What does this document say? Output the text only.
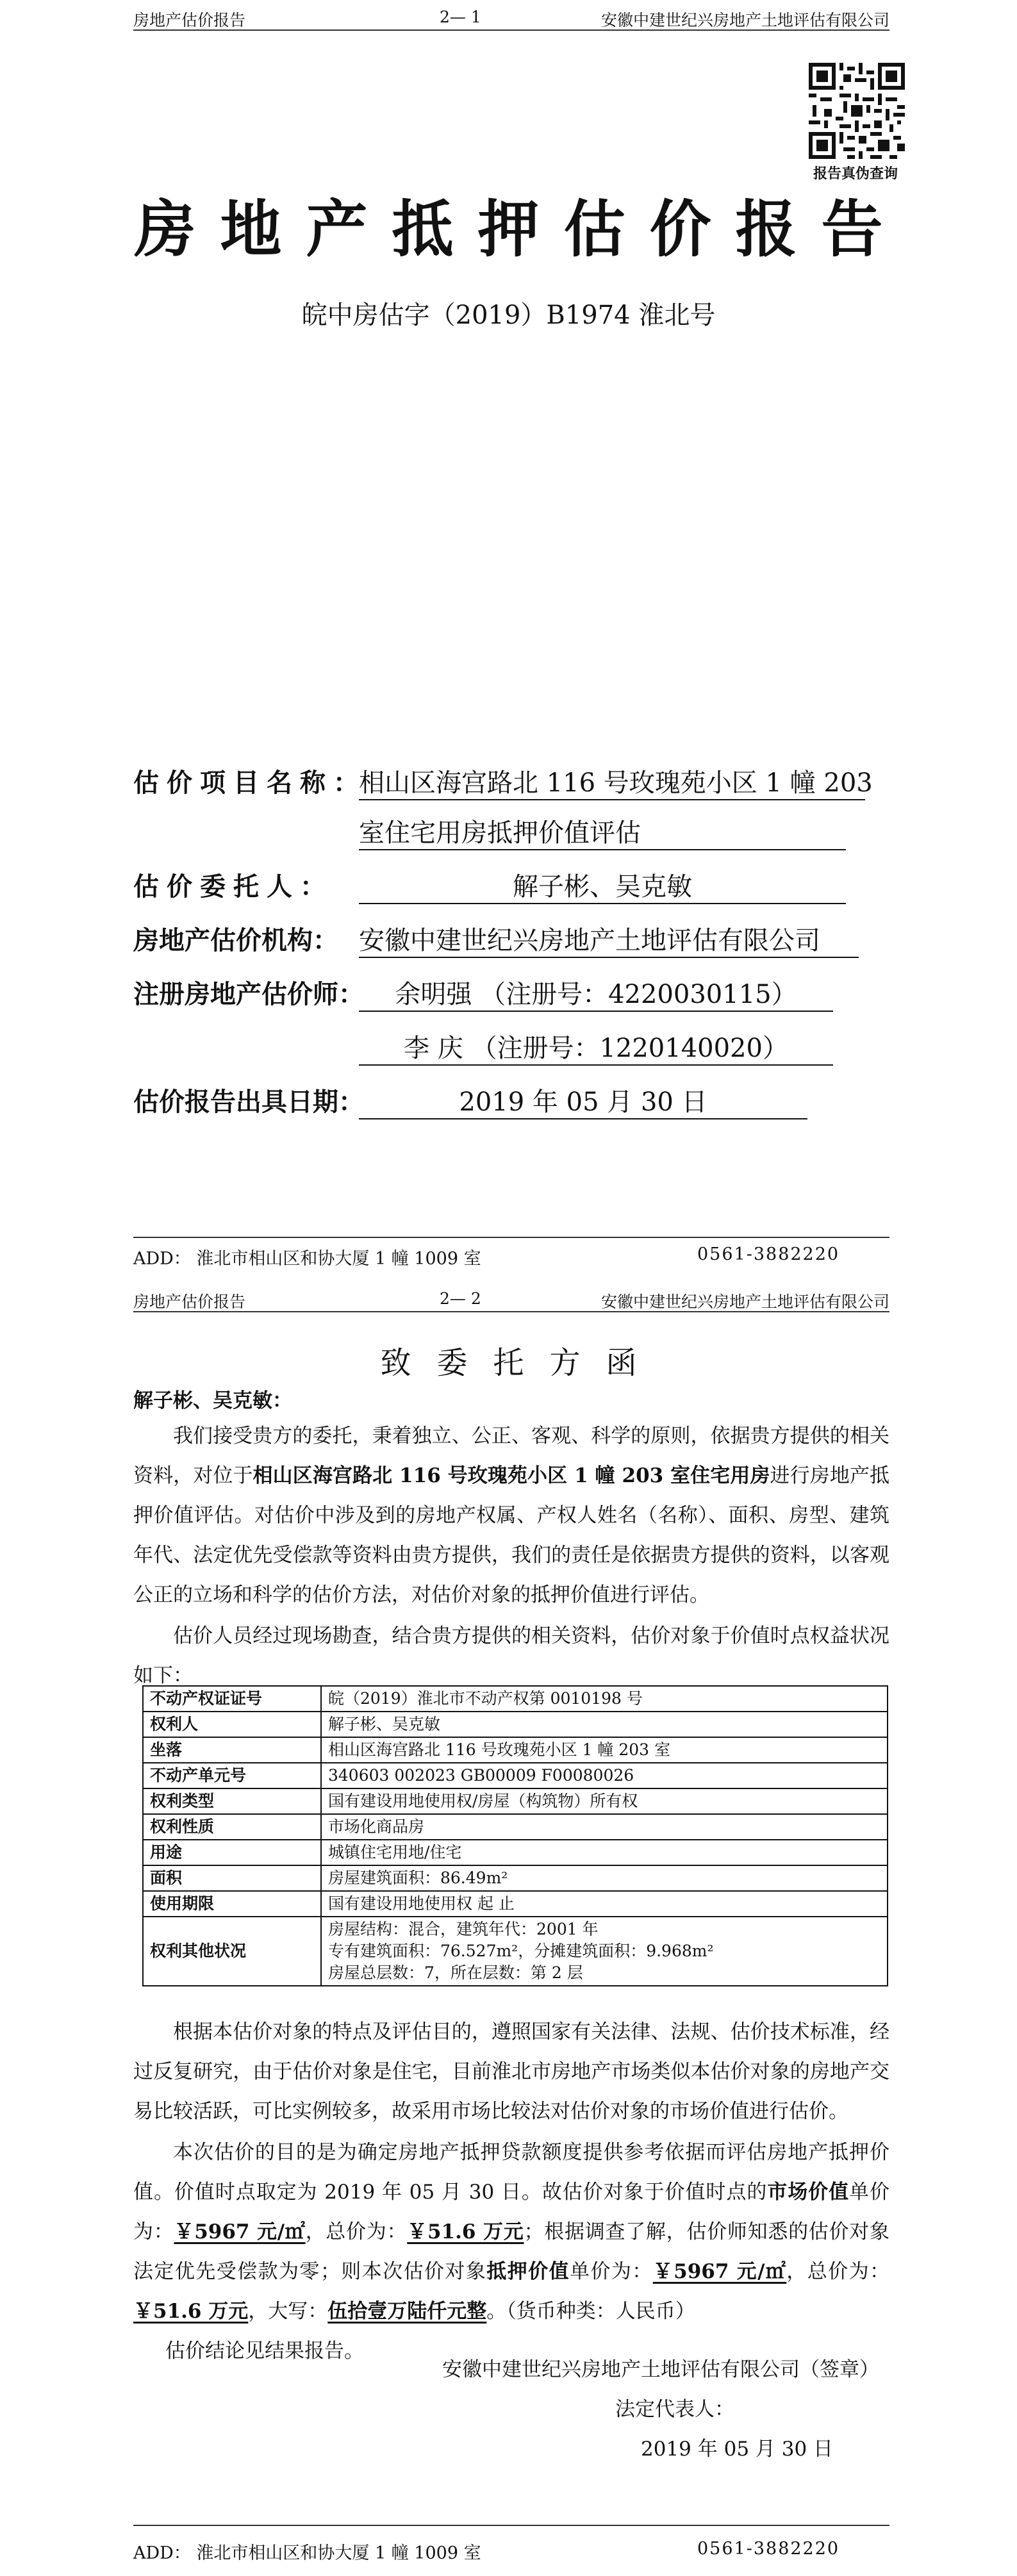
房地产估价报告	2— 1	安徽中建世纪兴房地产土地评估有限公司
报告真伪查询
房地产抵押估价报告
皖中房估字（2019）B1974 淮北号
估价项目名称：相山区海宫路北 116 号玫瑰苑小区 1 幢 203
室住宅用房抵押价值评估
估价委托人：	解子彬、吴克敏
房地产估价机构： 安徽中建世纪兴房地产土地评估有限公司
注册房地产估价师： 余明强 （注册号：4220030115）
李 庆 （注册号：1220140020）
估价报告出具日期：	2019 年 05 月 30 日
ADD： 淮北市相山区和协大厦 1 幢 1009 室	0561-3882220
房地产估价报告	2— 2	安徽中建世纪兴房地产土地评估有限公司
致委托方函
解子彬、吴克敏：

我们接受贵方的委托，秉着独立、公正、客观、科学的原则，依据贵方提供的相关资料，对位于相山区海宫路北 116 号玫瑰苑小区 1 幢 203 室住宅用房进行房地产抵押价值评估。对估价中涉及到的房地产权属、产权人姓名（名称）、面积、房型、建筑年代、法定优先受偿款等资料由贵方提供，我们的责任是依据贵方提供的资料，以客观公正的立场和科学的估价方法，对估价对象的抵押价值进行评估。

估价人员经过现场勘查，结合贵方提供的相关资料，估价对象于价值时点权益状况如下：

不动产权证证号	皖（2019）淮北市不动产权第 0010198 号
权利人	解子彬、吴克敏
坐落	相山区海宫路北 116 号玫瑰苑小区 1 幢 203 室
不动产单元号	340603 002023 GB00009 F00080026
权利类型	国有建设用地使用权/房屋（构筑物）所有权
权利性质	市场化商品房
用途	城镇住宅用地/住宅
面积	房屋建筑面积：86.49m²
使用期限	国有建设用地使用权 起 止
权利其他状况	房屋结构：混合，建筑年代：2001 年
专有建筑面积：76.527m²，分摊建筑面积：9.968m²
房屋总层数：7，所在层数：第 2 层

根据本估价对象的特点及评估目的，遵照国家有关法律、法规、估价技术标准，经过反复研究，由于估价对象是住宅，目前淮北市房地产市场类似本估价对象的房地产交易比较活跃，可比实例较多，故采用市场比较法对估价对象的市场价值进行估价。

本次估价的目的是为确定房地产抵押贷款额度提供参考依据而评估房地产抵押价值。价值时点取定为 2019 年 05 月 30 日。故估价对象于价值时点的市场价值单价为：￥5967 元/㎡，总价为：￥51.6 万元；根据调查了解，估价师知悉的估价对象法定优先受偿款为零；则本次估价对象抵押价值单价为：￥5967 元/㎡，总价为：￥51.6 万元，大写：伍拾壹万陆仟元整。（货币种类：人民币）

估价结论见结果报告。

安徽中建世纪兴房地产土地评估有限公司（签章）
法定代表人：
2019 年 05 月 30 日
ADD： 淮北市相山区和协大厦 1 幢 1009 室	0561-3882220
